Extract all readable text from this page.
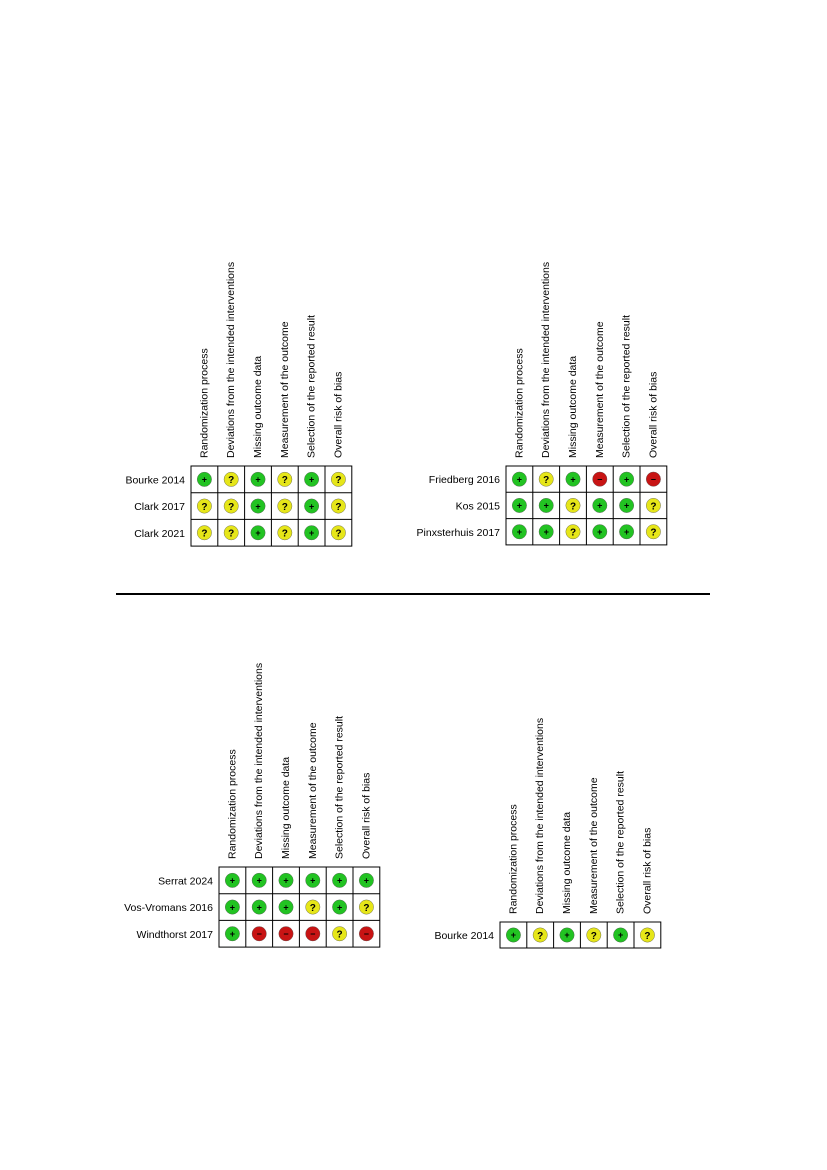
Randomization process Deviations from the intended interventions Missing outcome data Measurement of the outcome Selection of the reported result Overall risk of bias
Bourke 2014 + ? + ? + ?
Clark 2017 ? ? + ? + ?
Clark 2021 ? ? + ? + ?
Randomization process Deviations from the intended interventions Missing outcome data Measurement of the outcome Selection of the reported result Overall risk of bias
Friedberg 2016 + ? + − + −
Kos 2015 + + ? + + ?
Pinxsterhuis 2017 + + ? + + ?
Randomization process Deviations from the intended interventions Missing outcome data Measurement of the outcome Selection of the reported result Overall risk of bias
Serrat 2024 + + + + + +
Vos-Vromans 2016 + + + ? + ?
Windthorst 2017 + − − − ? −
Randomization process Deviations from the intended interventions Missing outcome data Measurement of the outcome Selection of the reported result Overall risk of bias
Bourke 2014 + ? + ? + ?
